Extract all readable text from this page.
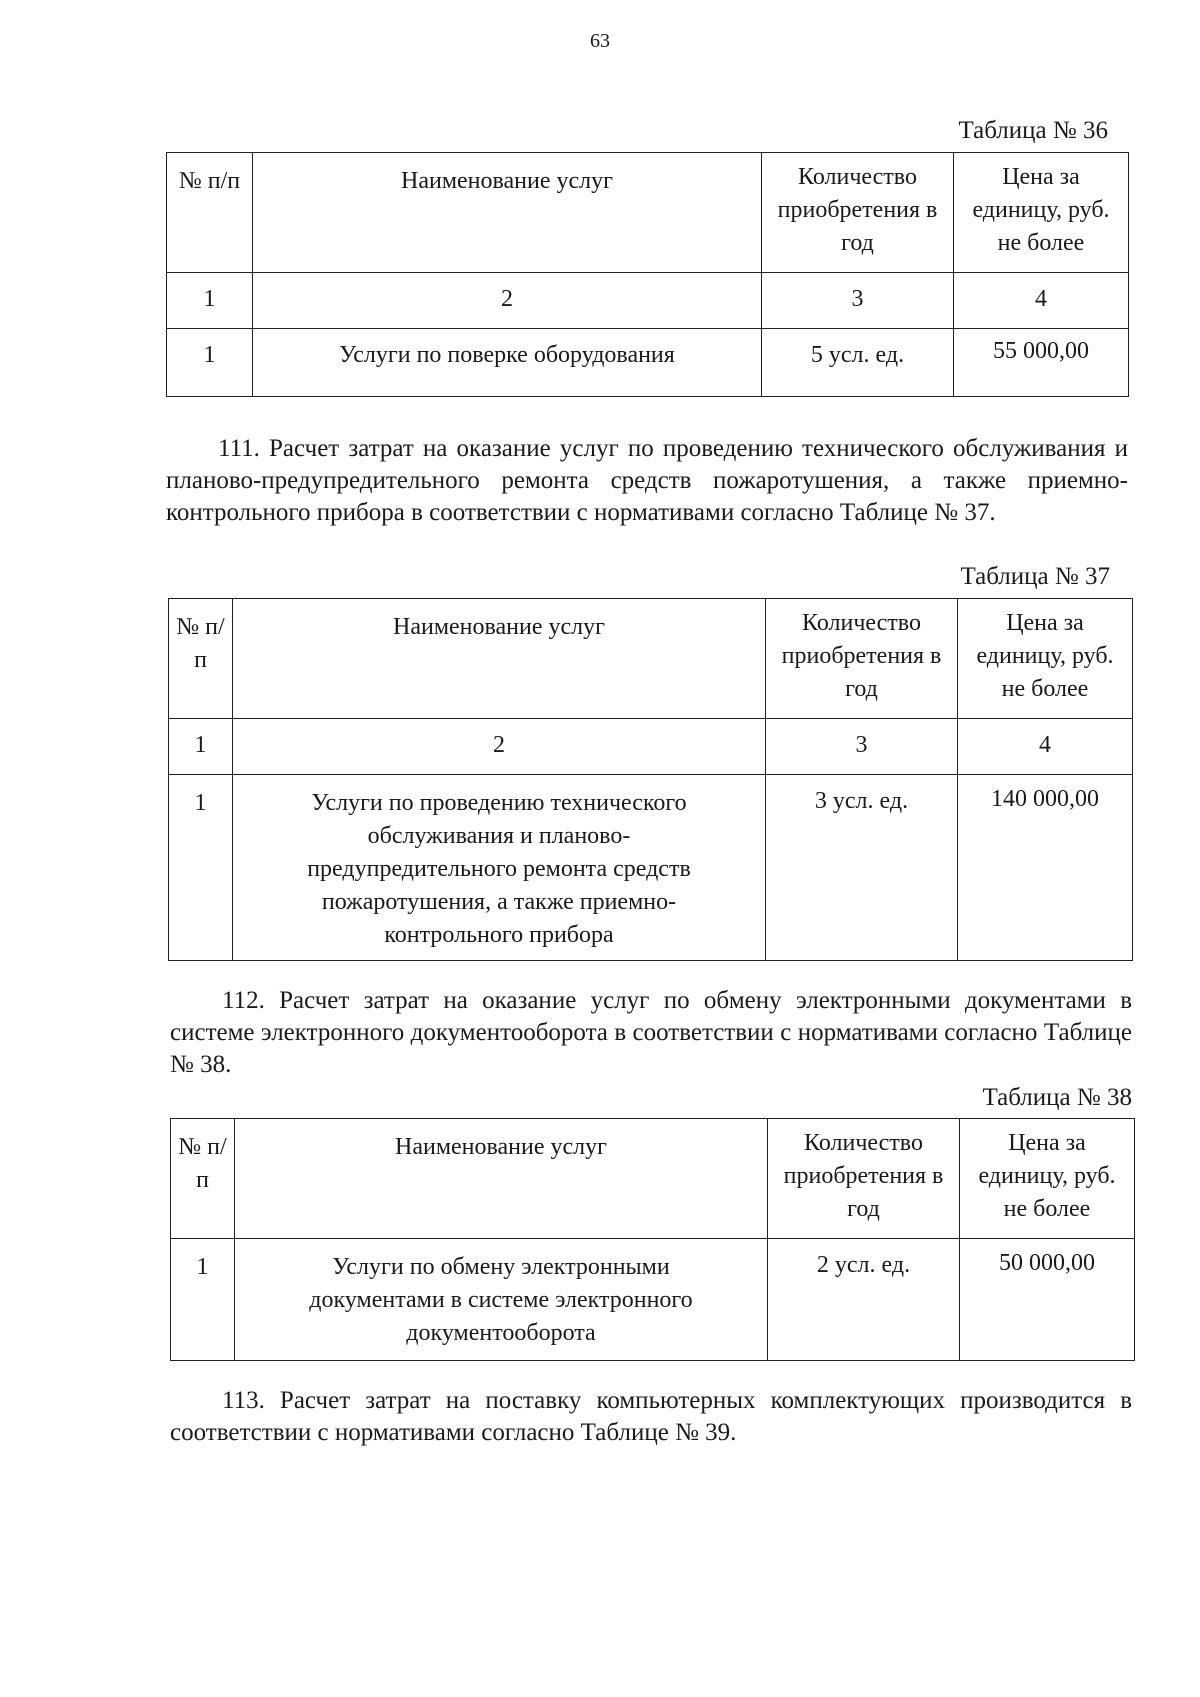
63
Таблица № 36
№ п/п	Наименование услуг	Количество приобретения в год	Цена за единицу, руб. не более
1	2	3	4
1	Услуги по поверке оборудования	5 усл. ед.	55 000,00

111. Расчет затрат на оказание услуг по проведению технического обслуживания и планово-предупредительного ремонта средств пожаротушения, а также приемно-контрольного прибора в соответствии с нормативами согласно Таблице № 37.

Таблица № 37
№ п/п	Наименование услуг	Количество приобретения в год	Цена за единицу, руб. не более
1	2	3	4
1	Услуги по проведению технического обслуживания и планово-предупредительного ремонта средств пожаротушения, а также приемно-контрольного прибора	3 усл. ед.	140 000,00

112. Расчет затрат на оказание услуг по обмену электронными документами в системе электронного документооборота в соответствии с нормативами согласно Таблице № 38.

Таблица № 38
№ п/п	Наименование услуг	Количество приобретения в год	Цена за единицу, руб. не более
1	Услуги по обмену электронными документами в системе электронного документооборота	2 усл. ед.	50 000,00

113. Расчет затрат на поставку компьютерных комплектующих производится в соответствии с нормативами согласно Таблице № 39.
